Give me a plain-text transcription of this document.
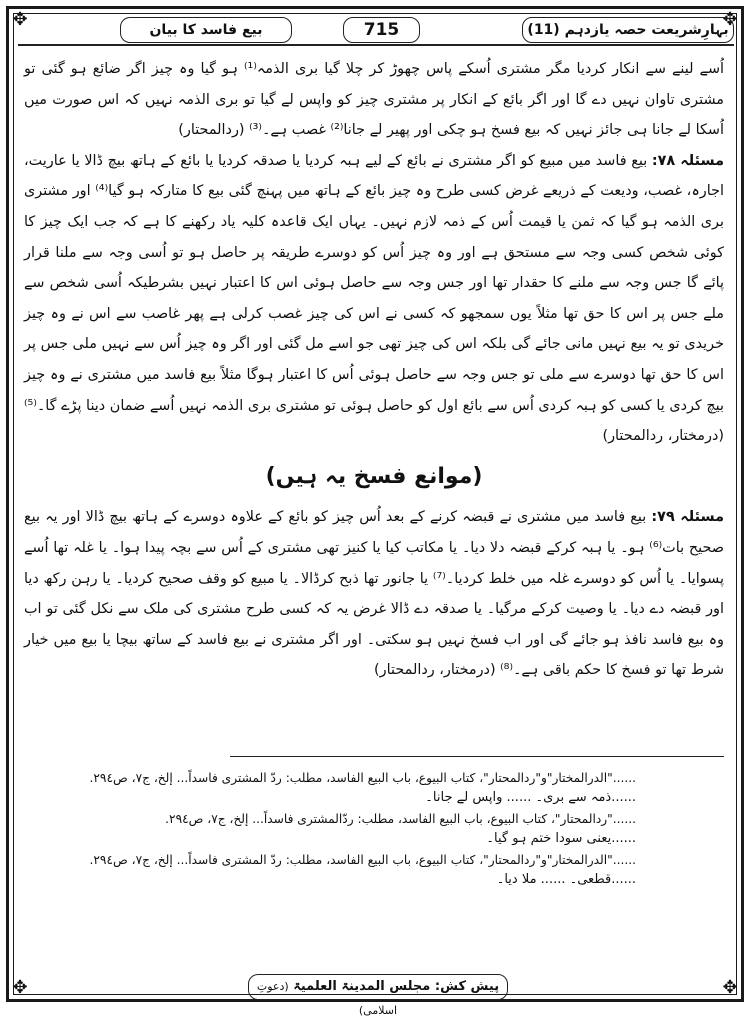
✥	✥
✥	✥
بہارِشریعت حصہ یازدہم (11)
715
بیع فاسد کا بیان

اُسے لینے سے انکار کردیا مگر مشتری اُسکے پاس چھوڑ کر چلا گیا بری الذمہ⁽¹⁾ ہو گیا وہ چیز اگر ضائع ہو گئی تو مشتری تاوان نہیں دے گا اور اگر بائع کے انکار پر مشتری چیز کو واپس لے گیا تو بری الذمہ نہیں کہ اس صورت میں اُسکا لے جانا ہی جائز نہیں کہ بیع فسخ ہو چکی اور پھیر لے جانا⁽²⁾ غصب ہے۔⁽³⁾ (ردالمحتار)

مسئلہ ۷۸: بیع فاسد میں مبیع کو اگر مشتری نے بائع کے لیے ہبہ کردیا یا صدقہ کردیا یا بائع کے ہاتھ بیچ ڈالا یا عاریت، اجارہ، غصب، ودیعت کے ذریعے غرض کسی طرح وہ چیز بائع کے ہاتھ میں پہنچ گئی بیع کا متارکہ ہو گیا⁽⁴⁾ اور مشتری بری الذمہ ہو گیا کہ ثمن یا قیمت اُس کے ذمہ لازم نہیں۔ یہاں ایک قاعدہ کلیہ یاد رکھنے کا ہے کہ جب ایک چیز کا کوئی شخص کسی وجہ سے مستحق ہے اور وہ چیز اُس کو دوسرے طریقہ پر حاصل ہو تو اُسی وجہ سے ملنا قرار پائے گا جس وجہ سے ملنے کا حقدار تھا اور جس وجہ سے حاصل ہوئی اس کا اعتبار نہیں بشرطیکہ اُسی شخص سے ملے جس پر اس کا حق تھا مثلاً یوں سمجھو کہ کسی نے اس کی چیز غصب کرلی ہے پھر غاصب سے اس نے وہ چیز خریدی تو یہ بیع نہیں مانی جائے گی بلکہ اس کی چیز تھی جو اسے مل گئی اور اگر وہ چیز اُس سے نہیں ملی جس پر اس کا حق تھا دوسرے سے ملی تو جس وجہ سے حاصل ہوئی اُس کا اعتبار ہوگا مثلاً بیع فاسد میں مشتری نے وہ چیز بیچ کردی یا کسی کو ہبہ کردی اُس سے بائع اول کو حاصل ہوئی تو مشتری بری الذمہ نہیں اُسے ضمان دینا پڑے گا۔⁽⁵⁾ (درمختار، ردالمحتار)

(موانع فسخ یہ ہیں)

مسئلہ ۷۹: بیع فاسد میں مشتری نے قبضہ کرنے کے بعد اُس چیز کو بائع کے علاوہ دوسرے کے ہاتھ بیچ ڈالا اور یہ بیع صحیح بات⁽⁶⁾ ہو۔ یا ہبہ کرکے قبضہ دلا دیا۔ یا مکاتب کیا یا کنیز تھی مشتری کے اُس سے بچہ پیدا ہوا۔ یا غلہ تھا اُسے پسوایا۔ یا اُس کو دوسرے غلہ میں خلط کردیا۔⁽⁷⁾ یا جانور تھا ذبح کرڈالا۔ یا مبیع کو وقف صحیح کردیا۔ یا رہن رکھ دیا اور قبضہ دے دیا۔ یا وصیت کرکے مرگیا۔ یا صدقہ دے ڈالا غرض یہ کہ کسی طرح مشتری کی ملک سے نکل گئی تو اب وہ بیع فاسد نافذ ہو جائے گی اور اب فسخ نہیں ہو سکتی۔ اور اگر مشتری نے بیع فاسد کے ساتھ بیچا یا بیع میں خیار شرط تھا تو فسخ کا حکم باقی ہے۔⁽⁸⁾ (درمختار، ردالمحتار)

......"الدرالمختار"و"ردالمحتار"، کتاب البیوع، باب البیع الفاسد، مطلب: ردّ المشتری فاسداً... إلخ، ج۷، ص۲۹٤.

......ذمہ سے بری۔ ...... واپس لے جانا۔

......"ردالمحتار"، کتاب البیوع، باب البیع الفاسد، مطلب: ردّالمشتری فاسداً... إلخ، ج۷، ص۲۹٤.

......یعنی سودا ختم ہو گیا۔

......"الدرالمختار"و"ردالمحتار"، کتاب البیوع، باب البیع الفاسد، مطلب: ردّ المشتری فاسداً... إلخ، ج۷، ص۲۹٤.

......قطعی۔ ...... ملا دیا۔

پیش کش: مجلس المدینۃ العلمیۃ (دعوتِ اسلامی)
